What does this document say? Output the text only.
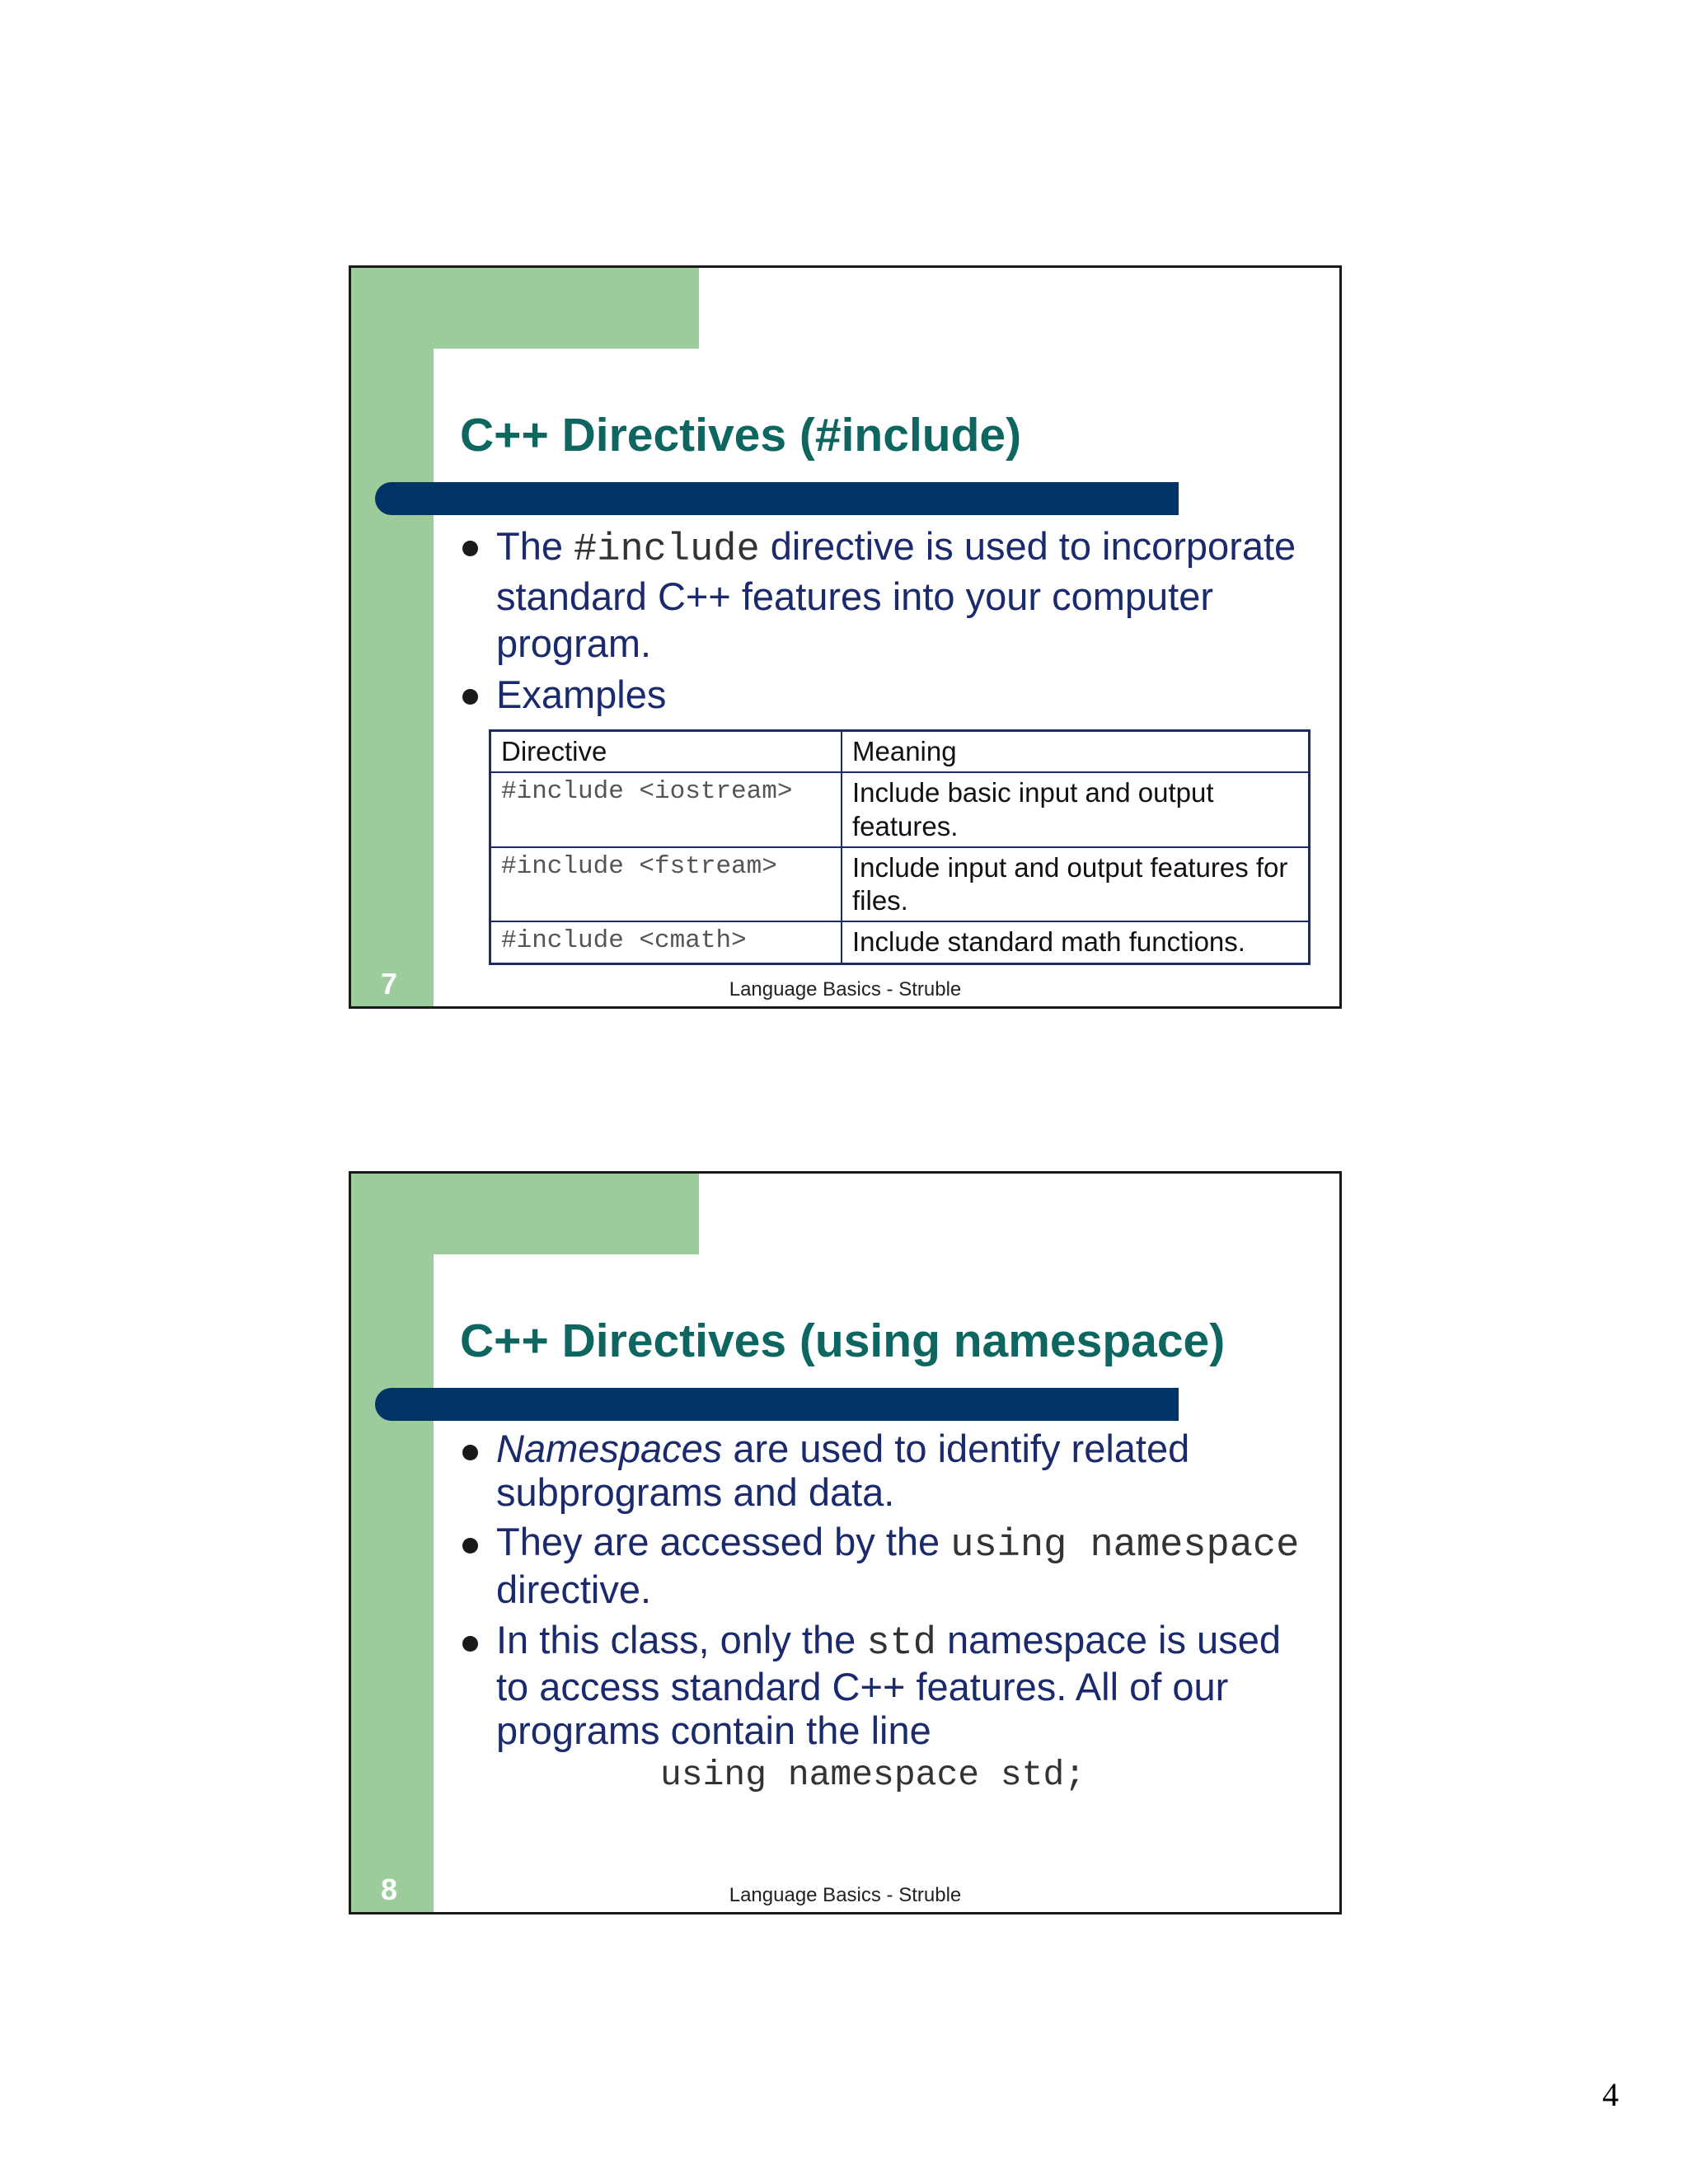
C++ Directives (#include)
The #include directive is used to incorporate standard C++ features into your computer program.
Examples
Directive	Meaning
#include <iostream>	Include basic input and output features.
#include <fstream>	Include input and output features for files.
#include <cmath>	Include standard math functions.
7	Language Basics - Struble
C++ Directives (using namespace)
Namespaces are used to identify related subprograms and data.
They are accessed by the using namespace directive.
In this class, only the std namespace is used to access standard C++ features. All of our programs contain the line
using namespace std;
8	Language Basics - Struble
4
